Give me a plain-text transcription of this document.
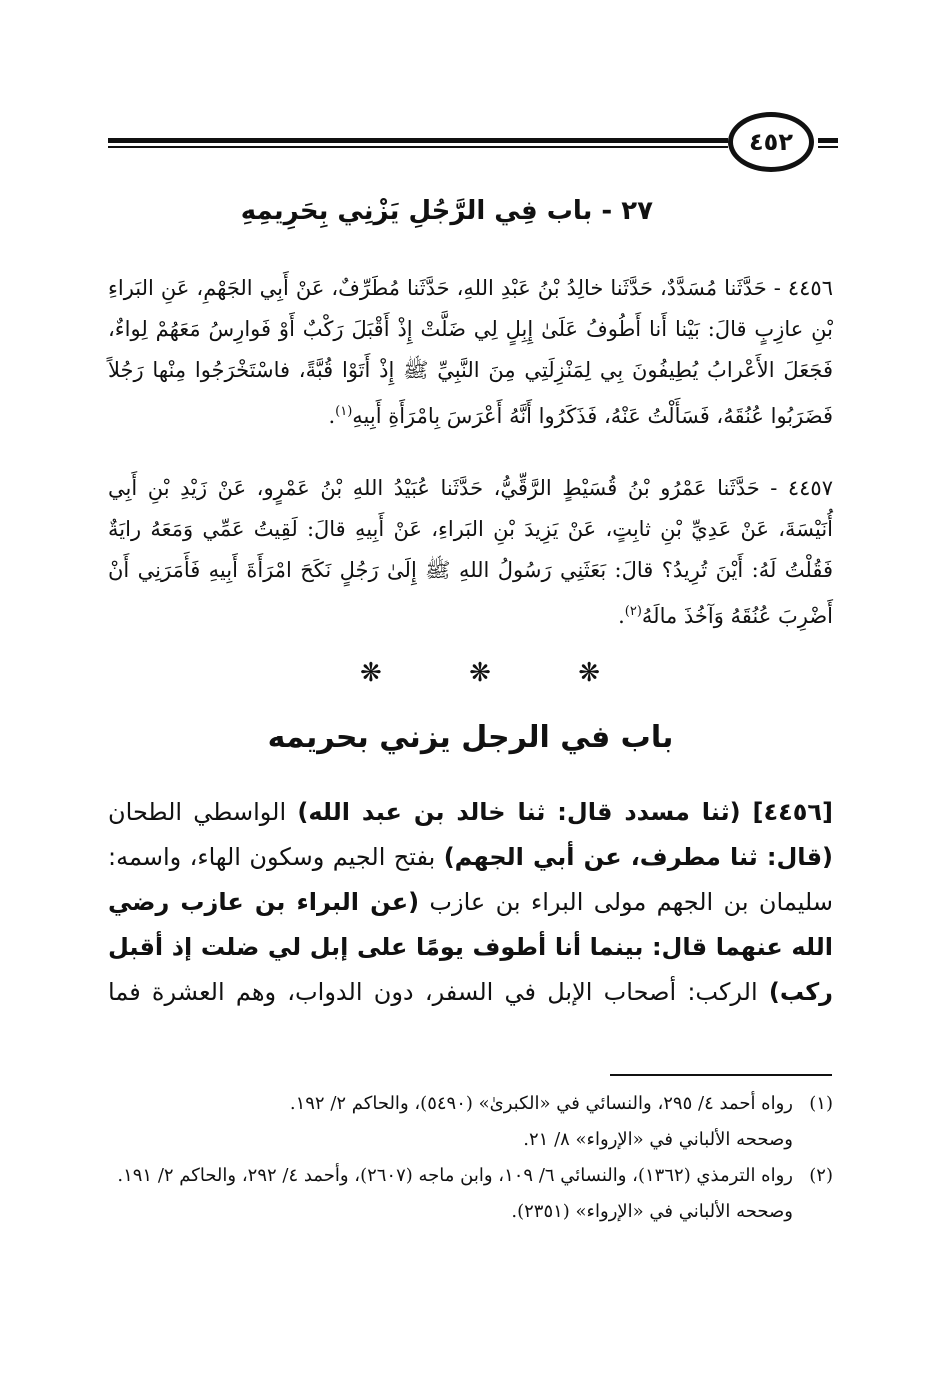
٤٥٢
٢٧ - باب فِي الرَّجُلِ يَزْنِي بِحَرِيمِهِ
٤٤٥٦ - حَدَّثَنا مُسَدَّدٌ، حَدَّثَنا خالِدُ بْنُ عَبْدِ اللهِ، حَدَّثَنا مُطَرِّفٌ، عَنْ أَبِي الجَهْمِ، عَنِ البَراءِ بْنِ عازِبٍ قالَ: بَيْنا أَنا أَطُوفُ عَلَىٰ إِبِلٍ لِي ضَلَّتْ إِذْ أَقْبَلَ رَكْبٌ أَوْ فَوارِسُ مَعَهُمْ لِواءٌ، فَجَعَلَ الأَعْرابُ يُطِيفُونَ بِي لِمَنْزِلَتِي مِنَ النَّبِيِّ ﷺ إِذْ أَتَوْا قُبَّةً، فاسْتَخْرَجُوا مِنْها رَجُلاً فَضَرَبُوا عُنُقَهُ، فَسَأَلْتُ عَنْهُ، فَذَكَرُوا أَنَّهُ أَعْرَسَ بِامْرَأَةِ أَبِيهِ$^{(١)}$.
٤٤٥٧ - حَدَّثَنا عَمْرُو بْنُ قُسَيْطٍ الرَّقِّيُّ، حَدَّثَنا عُبَيْدُ اللهِ بْنُ عَمْرٍو، عَنْ زَيْدِ بْنِ أَبِي أُنَيْسَةَ، عَنْ عَدِيِّ بْنِ ثابِتٍ، عَنْ يَزِيدَ بْنِ البَراءِ، عَنْ أَبِيهِ قالَ: لَقِيتُ عَمِّي وَمَعَهُ رايَةٌ فَقُلْتُ لَهُ: أَيْنَ تُرِيدُ؟ قالَ: بَعَثَنِي رَسُولُ اللهِ ﷺ إِلَىٰ رَجُلٍ نَكَحَ امْرَأَةَ أَبِيهِ فَأَمَرَنِي أَنْ أَضْرِبَ عُنُقَهُ وَآخُذَ مالَهُ$^{(٢)}$.
❋	❋	❋
باب في الرجل يزني بحريمه
[٤٤٥٦] (ثنا مسدد قال: ثنا خالد بن عبد الله) الواسطي الطحان (قال: ثنا مطرف، عن أبي الجهم) بفتح الجيم وسكون الهاء، واسمه: سليمان بن الجهم مولى البراء بن عازب (عن البراء بن عازب رضي الله عنهما قال: بينما أنا أطوف يومًا على إبل لي ضلت إذ أقبل ركب) الركب: أصحاب الإبل في السفر، دون الدواب، وهم العشرة فما
(١)
رواه أحمد ٤/ ٢٩٥، والنسائي في «الكبرىٰ» (٥٤٩٠)، والحاكم ٢/ ١٩٢.
وصححه الألباني في «الإرواء» ٨/ ٢١.
(٢)
رواه الترمذي (١٣٦٢)، والنسائي ٦/ ١٠٩، وابن ماجه (٢٦٠٧)، وأحمد ٤/ ٢٩٢، والحاكم ٢/ ١٩١.
وصححه الألباني في «الإرواء» (٢٣٥١).
